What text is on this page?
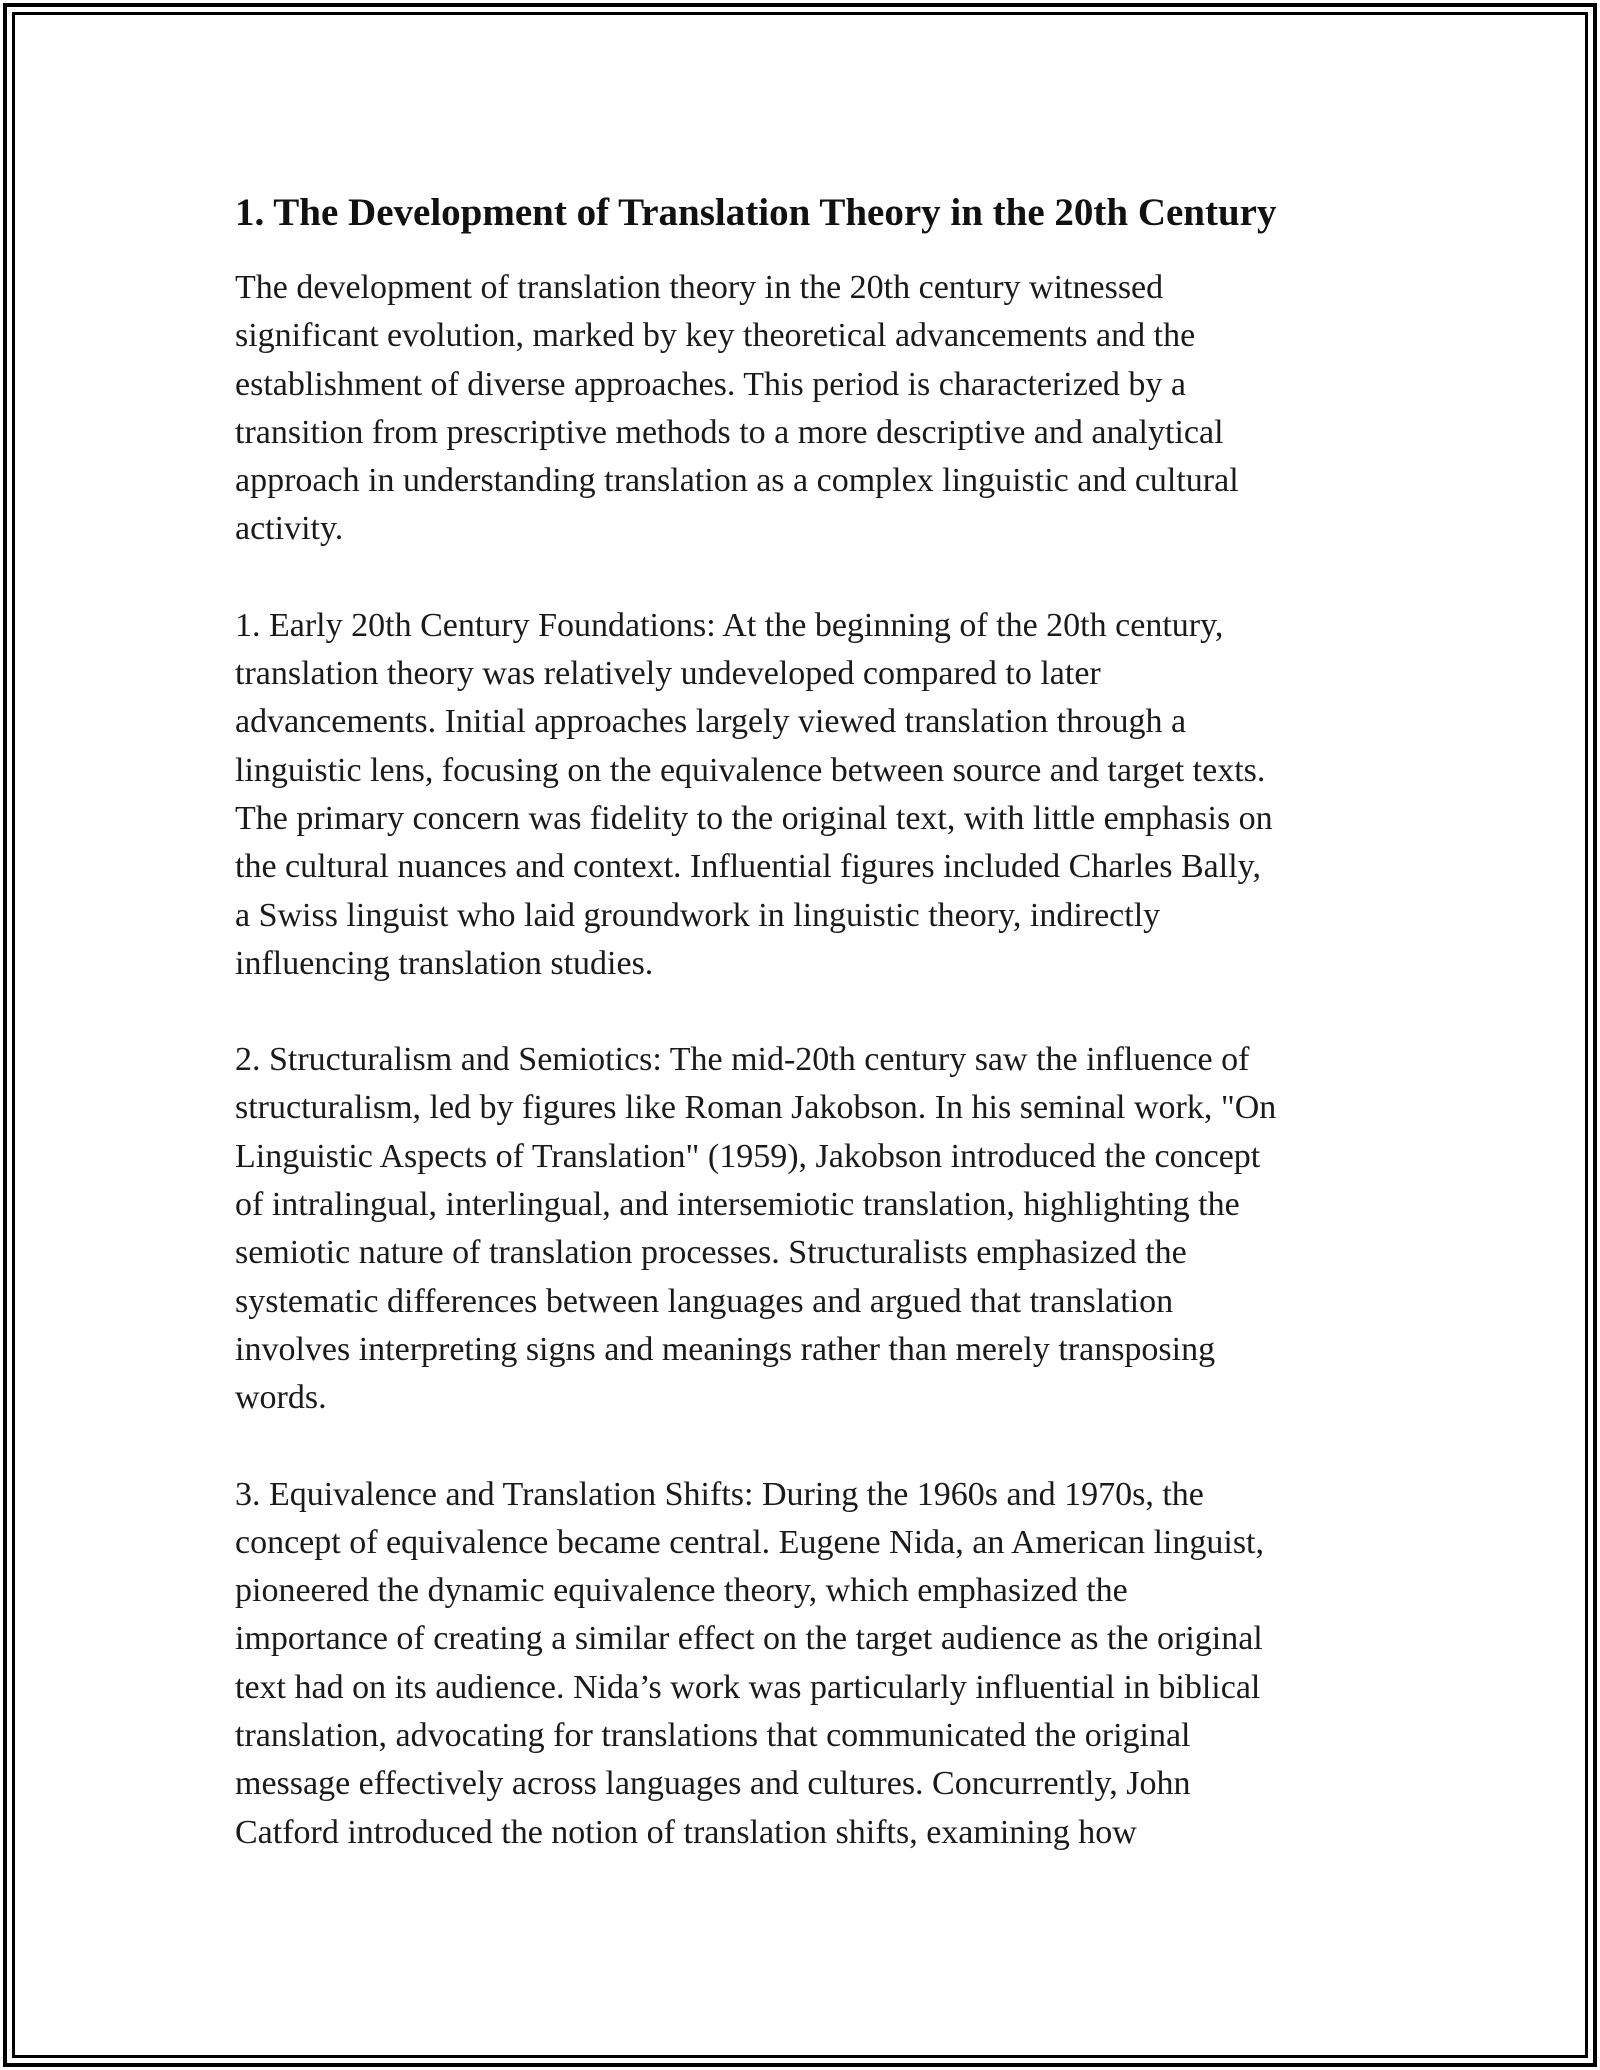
1. The Development of Translation Theory in the 20th Century

The development of translation theory in the 20th century witnessed
significant evolution, marked by key theoretical advancements and the
establishment of diverse approaches. This period is characterized by a
transition from prescriptive methods to a more descriptive and analytical
approach in understanding translation as a complex linguistic and cultural
activity.

1. Early 20th Century Foundations: At the beginning of the 20th century,
translation theory was relatively undeveloped compared to later
advancements. Initial approaches largely viewed translation through a
linguistic lens, focusing on the equivalence between source and target texts.
The primary concern was fidelity to the original text, with little emphasis on
the cultural nuances and context. Influential figures included Charles Bally,
a Swiss linguist who laid groundwork in linguistic theory, indirectly
influencing translation studies.

2. Structuralism and Semiotics: The mid-20th century saw the influence of
structuralism, led by figures like Roman Jakobson. In his seminal work, "On
Linguistic Aspects of Translation" (1959), Jakobson introduced the concept
of intralingual, interlingual, and intersemiotic translation, highlighting the
semiotic nature of translation processes. Structuralists emphasized the
systematic differences between languages and argued that translation
involves interpreting signs and meanings rather than merely transposing
words.

3. Equivalence and Translation Shifts: During the 1960s and 1970s, the
concept of equivalence became central. Eugene Nida, an American linguist,
pioneered the dynamic equivalence theory, which emphasized the
importance of creating a similar effect on the target audience as the original
text had on its audience. Nida’s work was particularly influential in biblical
translation, advocating for translations that communicated the original
message effectively across languages and cultures. Concurrently, John
Catford introduced the notion of translation shifts, examining how
